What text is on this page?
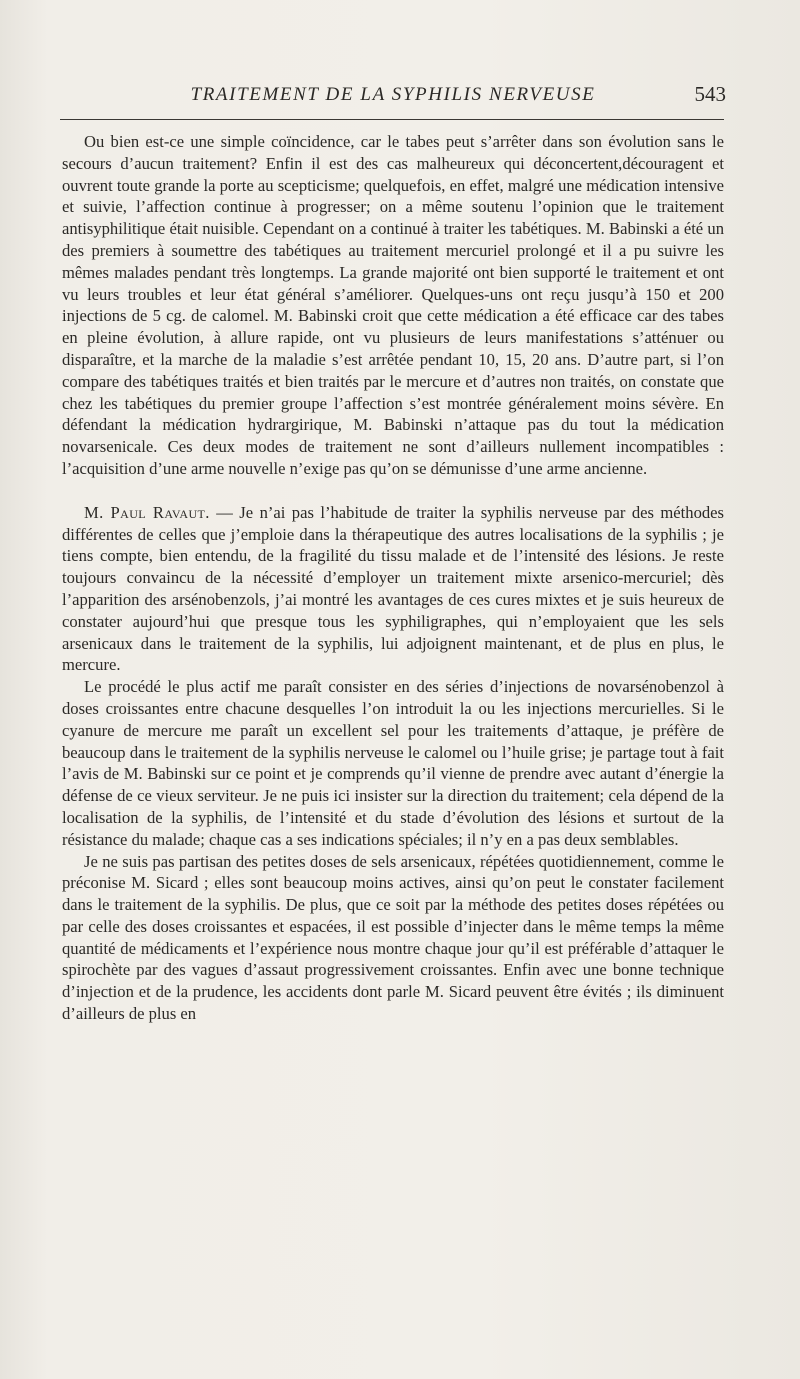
TRAITEMENT DE LA SYPHILIS NERVEUSE	543

Ou bien est-ce une simple coïncidence, car le tabes peut s’arrêter dans son évolution sans le secours d’aucun traitement? Enfin il est des cas malheureux qui déconcertent,découragent et ouvrent toute grande la porte au scepticisme; quelquefois, en effet, malgré une médication intensive et suivie, l’affection continue à progresser; on a même soutenu l’opinion que le traitement antisyphilitique était nuisible. Cependant on a continué à traiter les tabétiques. M. Babinski a été un des premiers à soumettre des tabétiques au traitement mercuriel prolongé et il a pu suivre les mêmes malades pendant très longtemps. La grande majorité ont bien supporté le traitement et ont vu leurs troubles et leur état général s’améliorer. Quelques-uns ont reçu jusqu’à 150 et 200 injections de 5 cg. de calomel. M. Babinski croit que cette médication a été efficace car des tabes en pleine évolution, à allure rapide, ont vu plusieurs de leurs manifestations s’atténuer ou disparaître, et la marche de la maladie s’est arrêtée pendant 10, 15, 20 ans. D’autre part, si l’on compare des tabétiques traités et bien traités par le mercure et d’autres non traités, on constate que chez les tabétiques du premier groupe l’affection s’est montrée généralement moins sévère. En défendant la médication hydrargirique, M. Babinski n’attaque pas du tout la médication novarsenicale. Ces deux modes de traitement ne sont d’ailleurs nullement incompatibles : l’acquisition d’une arme nouvelle n’exige pas qu’on se démunisse d’une arme ancienne.

M. Paul Ravaut. — Je n’ai pas l’habitude de traiter la syphilis nerveuse par des méthodes différentes de celles que j’emploie dans la thérapeutique des autres localisations de la syphilis ; je tiens compte, bien entendu, de la fragilité du tissu malade et de l’intensité des lésions. Je reste toujours convaincu de la nécessité d’employer un traitement mixte arsenico-mercuriel; dès l’apparition des arsénobenzols, j’ai montré les avantages de ces cures mixtes et je suis heureux de constater aujourd’hui que presque tous les syphiligraphes, qui n’employaient que les sels arsenicaux dans le traitement de la syphilis, lui adjoignent maintenant, et de plus en plus, le mercure.

Le procédé le plus actif me paraît consister en des séries d’injections de novarsénobenzol à doses croissantes entre chacune desquelles l’on introduit la ou les injections mercurielles. Si le cyanure de mercure me paraît un excellent sel pour les traitements d’attaque, je préfère de beaucoup dans le traitement de la syphilis nerveuse le calomel ou l’huile grise; je partage tout à fait l’avis de M. Babinski sur ce point et je comprends qu’il vienne de prendre avec autant d’énergie la défense de ce vieux serviteur. Je ne puis ici insister sur la direction du traitement; cela dépend de la localisation de la syphilis, de l’intensité et du stade d’évolution des lésions et surtout de la résistance du malade; chaque cas a ses indications spéciales; il n’y en a pas deux semblables.

Je ne suis pas partisan des petites doses de sels arsenicaux, répétées quotidiennement, comme le préconise M. Sicard ; elles sont beaucoup moins actives, ainsi qu’on peut le constater facilement dans le traitement de la syphilis. De plus, que ce soit par la méthode des petites doses répétées ou par celle des doses croissantes et espacées, il est possible d’injecter dans le même temps la même quantité de médicaments et l’expérience nous montre chaque jour qu’il est préférable d’attaquer le spirochète par des vagues d’assaut progressivement croissantes. Enfin avec une bonne technique d’injection et de la prudence, les accidents dont parle M. Sicard peuvent être évités ; ils diminuent d’ailleurs de plus en
